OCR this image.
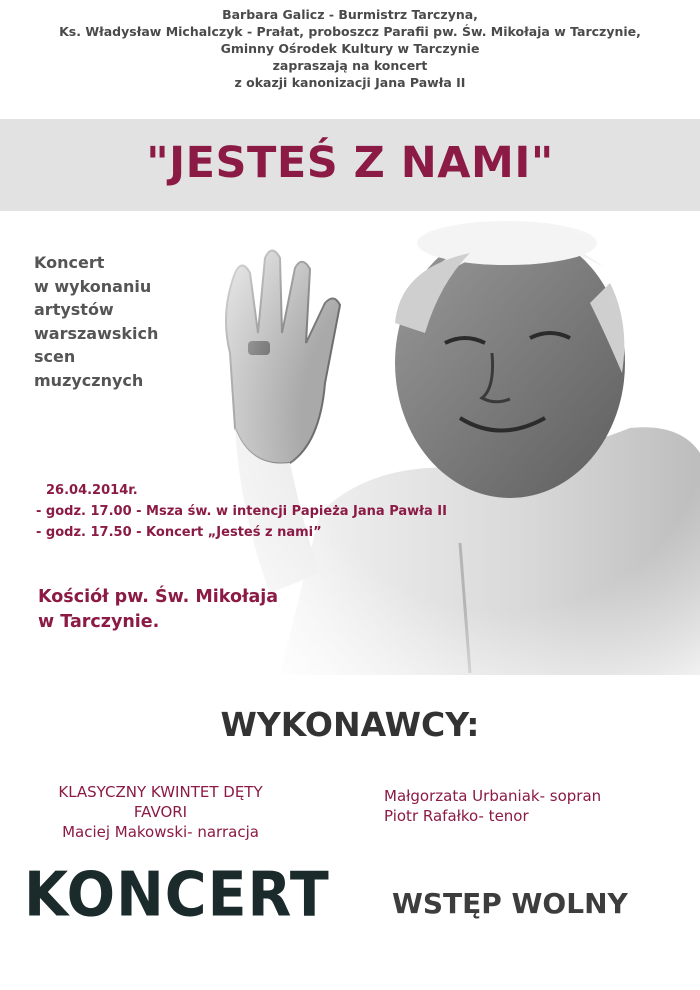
Barbara Galicz - Burmistrz Tarczyna,
Ks. Władysław Michalczyk - Prałat, proboszcz Parafii pw. Św. Mikołaja w Tarczynie,
Gminny Ośrodek Kultury w Tarczynie
zapraszają na koncert
z okazji kanonizacji Jana Pawła II
"JESTEŚ Z NAMI"
Koncert
w wykonaniu
artystów
warszawskich
scen
muzycznych
26.04.2014r.
- godz. 17.00 - Msza św. w intencji Papieża Jana Pawła II
- godz. 17.50 - Koncert „Jesteś z nami”
Kościół pw. Św. Mikołaja
w Tarczynie.
WYKONAWCY:
KLASYCZNY KWINTET DĘTY
FAVORI
Maciej Makowski- narracja
Małgorzata Urbaniak- sopran
Piotr Rafałko- tenor
KONCERT WSTĘP WOLNY
